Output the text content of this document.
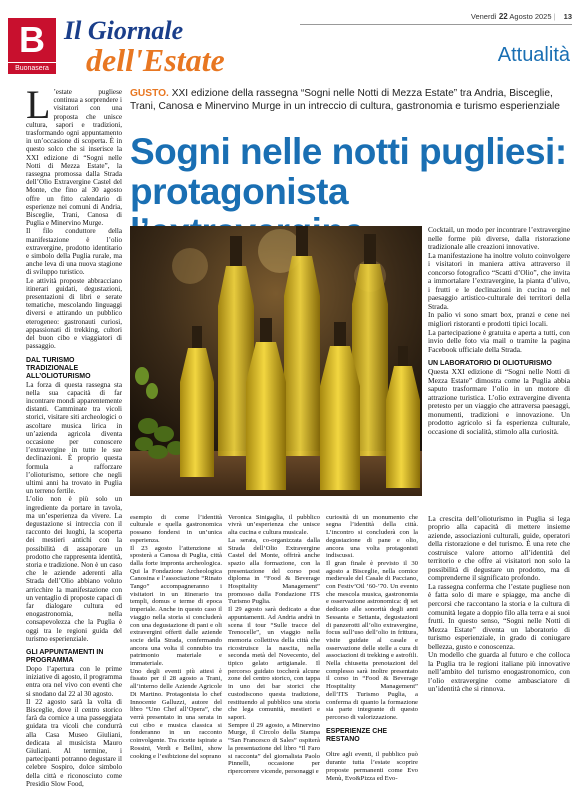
B
Buonasera
Il Giornale
dell'Estate
Venerdì 22 Agosto 2025 | 13
Attualità
L ’estate pugliese continua a sorprendere i visitatori con una proposta che unisce cultura, sapori e tradizioni, trasformando ogni appuntamento in un’occasione di scoperta. È in questo solco che si inserisce la XXI edizione di “Sogni nelle Notti di Mezza Estate”, la rassegna promossa dalla Strada dell’Olio Extravergine Castel del Monte, che fino al 30 agosto offre un fitto calendario di esperienze nei comuni di Andria, Bisceglie, Trani, Canosa di Puglia e Minervino Murge.
Il filo conduttore della manifestazione è l’olio extravergine, prodotto identitario e simbolo della Puglia rurale, ma anche leva di una nuova stagione di sviluppo turistico.
Le attività proposte abbracciano itinerari guidati, degustazioni, presentazioni di libri e serate tematiche, mescolando linguaggi diversi e attirando un pubblico eterogeneo: gastronauti curiosi, appassionati di trekking, cultori del buon cibo e viaggiatori di passaggio.
DAL TURISMO TRADIZIONALE ALL’OLIOTURISMO
La forza di questa rassegna sta nella sua capacità di far incontrare mondi apparentemente distanti. Camminate tra vicoli storici, visitare siti archeologici o ascoltare musica lirica in un’azienda agricola diventa occasione per conoscere l’extravergine in tutte le sue declinazioni. È proprio questa formula a rafforzare l’olioturismo, settore che negli ultimi anni ha trovato in Puglia un terreno fertile.
L’olio non è più solo un ingrediente da portare in tavola, ma un’esperienza da vivere. La degustazione si intreccia con il racconto dei luoghi, la scoperta dei mestieri antichi con la possibilità di assaporare un prodotto che rappresenta identità, storia e tradizione. Non è un caso che le aziende aderenti alla Strada dell’Olio abbiano voluto arricchire la manifestazione con un ventaglio di proposte capaci di far dialogare cultura ed enogastronomia, nella consapevolezza che la Puglia è oggi tra le regioni guida del turismo esperienziale.
GLI APPUNTAMENTI IN PROGRAMMA
Dopo l’apertura con le prime iniziative di agosto, il programma entra ora nel vivo con eventi che si snodano dal 22 al 30 agosto.
Il 22 agosto sarà la volta di Bisceglie, dove il centro storico farà da cornice a una passeggiata guidata tra vicoli che condurrà alla Casa Museo Giuliani, dedicata al musicista Mauro Giuliani. Al termine, i partecipanti potranno degustare il celebre Sospiro, dolce simbolo della città e riconosciuto come Presidio Slow Food,
GUSTO. XXI edizione della rassegna “Sogni nelle Notti di Mezza Estate” tra Andria, Bisceglie, Trani, Canosa e Minervino Murge in un intreccio di cultura, gastronomia e turismo esperienziale
Sogni nelle notti pugliesi: protagonista
Cocktail, un modo per incontrare l’extravergine nelle forme più diverse, dalla ristorazione tradizionale alle creazioni innovative.
La manifestazione ha inoltre voluto coinvolgere i visitatori in maniera attiva attraverso il concorso fotografico “Scatti d’Olio”, che invita a immortalare l’extravergine, la pianta d’ulivo, i frutti e le declinazioni in cucina o nel paesaggio artistico-culturale dei territori della Strada.
In palio vi sono smart box, pranzi e cene nei migliori ristoranti e prodotti tipici locali.
La partecipazione è gratuita e aperta a tutti, con invio delle foto via mail o tramite la pagina Facebook ufficiale della Strada.
UN LABORATORIO DI OLIOTURISMO
Questa XXI edizione di “Sogni nelle Notti di Mezza Estate” dimostra come la Puglia abbia saputo trasformare l’olio in un motore di attrazione turistica. L’olio extravergine diventa pretesto per un viaggio che attraversa paesaggi, monumenti, tradizioni e innovazione. Un prodotto agricolo si fa esperienza culturale, occasione di socialità, stimolo alla curiosità.

esempio di come l’identità culturale e quella gastronomica possano fondersi in un’unica esperienza.
Il 23 agosto l’attenzione si sposterà a Canosa di Puglia, città dalla forte impronta archeologica. Qui la Fondazione Archeologica Canosina e l’associazione “Rinato Tango” accompagneranno i visitatori in un itinerario tra templi, domus e terme di epoca imperiale. Anche in questo caso il viaggio nella storia si concluderà con una degustazione di pani e oli extravergini offerti dalle aziende socie della Strada, confermando ancora una volta il connubio tra patrimonio materiale e immateriale.
Uno degli eventi più attesi è fissato per il 28 agosto a Trani, all’interno delle Aziende Agricole Di Martino. Protagonista lo chef Innocente Galluzzi, autore del libro “Uno Chef all’Opera”, che verrà presentato in una serata in cui cibo e musica classica si fonderanno in un racconto coinvolgente. Tra ricette ispirate a Rossini, Verdi e Bellini, show cooking e l’esibizione del soprano

Veronica Sinigaglia, il pubblico vivrà un’esperienza che unisce alta cucina e cultura musicale.
La serata, co-organizzata dalla Strada dell’Olio Extravergine Castel del Monte, offrirà anche spazio alla formazione, con la presentazione del corso post diploma in “Food & Beverage Hospitality Management” promosso dalla Fondazione ITS Turismo Puglia.
Il 29 agosto sarà dedicato a due appuntamenti. Ad Andria andrà in scena il tour “Sulle tracce del Trenocelle”, un viaggio nella memoria collettiva della città che ricostruisce la nascita, nella seconda metà del Novecento, del tipico gelato artigianale. Il percorso guidato toccherà alcune zone del centro storico, con tappa in uno dei bar storici che custodiscono questa tradizione, restituendo al pubblico una storia che lega comunità, mestieri e sapori.
Sempre il 29 agosto, a Minervino Murge, il Circolo della Stampa “San Francesco di Sales” ospiterà la presentazione del libro “Il Faro si racconta” del giornalista Paolo Pinnelli, occasione per ripercorrere vicende, personaggi e

curiosità di un monumento che segna l’identità della città. L’incontro si concluderà con la degustazione di pane e olio, ancora una volta protagonisti indiscussi.
Il gran finale è previsto il 30 agosto a Bisceglie, nella cornice medievale del Casale di Pacciano, con Festiv’Oil ’60-’70. Un evento che mescola musica, gastronomia e osservazione astronomica: dj set dedicato alle sonorità degli anni Sessanta e Settanta, degustazioni di panzerotti all’olio extravergine, focus sull’uso dell’olio in frittura, visite guidate al casale e osservazione delle stelle a cura di associazioni di trekking e astrofili. Nella chiusetta prenotazioni del complesso sarà inoltre presentato il corso in “Food & Beverage Hospitality Management” dell’ITS Turismo Puglia, a conferma di quanto la formazione sia parte integrante di questo percorso di valorizzazione.

ESPERIENZE CHE RESTANO

Oltre agli eventi, il pubblico può durante tutta l’estate scoprire proposte permanenti come Evo Menù, Evo&Pizza ed Evo-

La crescita dell’olioturismo in Puglia si lega proprio alla capacità di mettere insieme aziende, associazioni culturali, guide, operatori della ristorazione e del turismo. È una rete che costruisce valore attorno all’identità del territorio e che offre ai visitatori non solo la possibilità di degustare un prodotto, ma di comprenderne il significato profondo.
La rassegna conferma che l’estate pugliese non è fatta solo di mare e spiagge, ma anche di percorsi che raccontano la storia e la cultura di comunità legate a doppio filo alla terra e ai suoi frutti. In questo senso, “Sogni nelle Notti di Mezza Estate” diventa un laboratorio di turismo esperienziale, in grado di coniugare bellezza, gusto e conoscenza.
Un modello che guarda al futuro e che colloca la Puglia tra le regioni italiane più innovative nell’ambito del turismo enogastronomico, con l’olio extravergine come ambasciatore di un’identità che si rinnova.
